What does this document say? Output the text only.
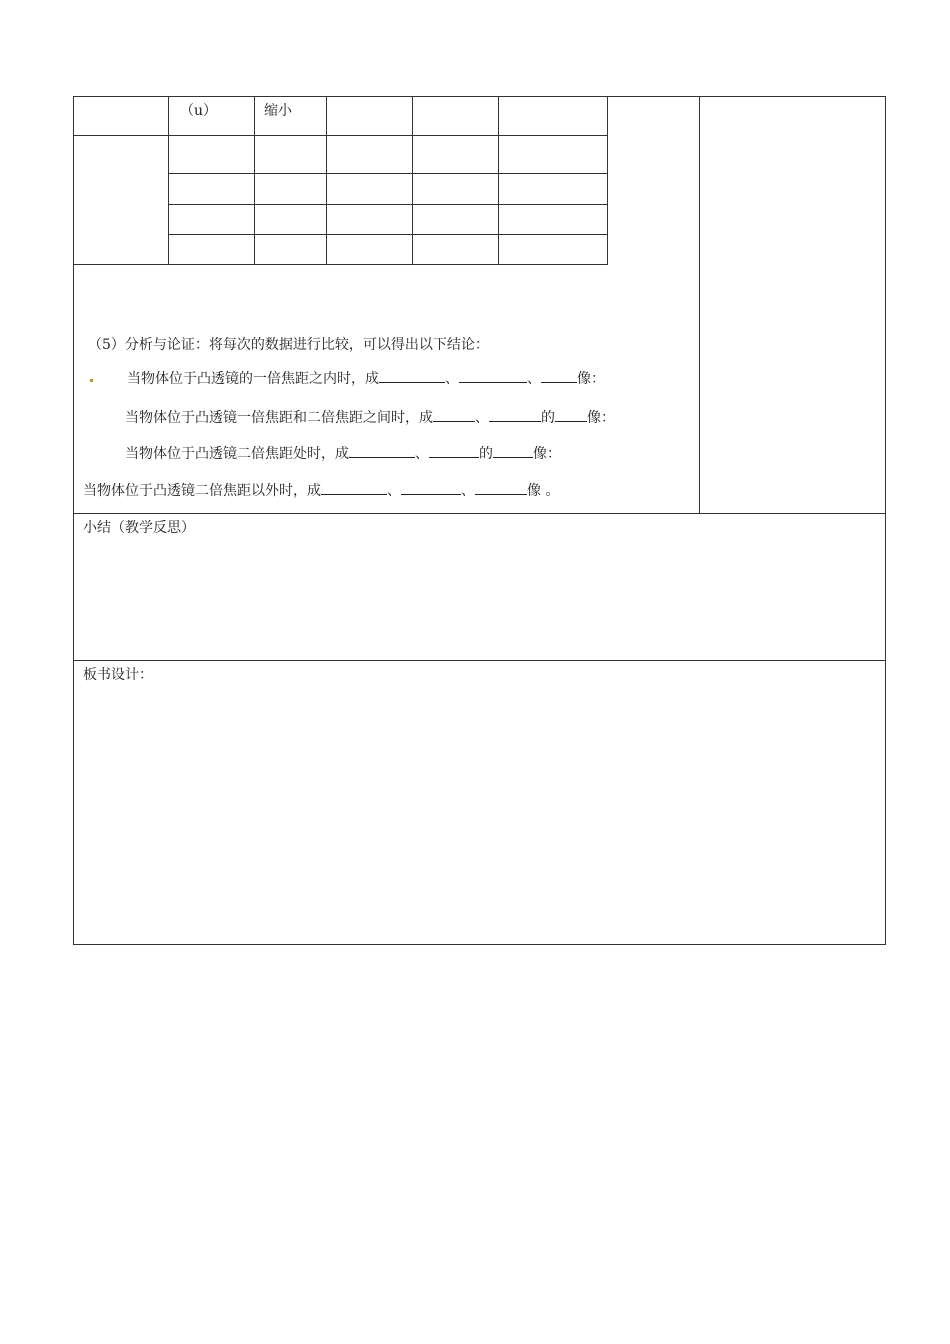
（u）	缩小
（5）分析与论证：将每次的数据进行比较，可以得出以下结论：
当物体位于凸透镜的一倍焦距之内时，成	、	、	像：
当物体位于凸透镜一倍焦距和二倍焦距之间时，成	、	的 像：
当物体位于凸透镜二倍焦距处时，成	、	的	像：
当物体位于凸透镜二倍焦距以外时，成	、	、	像 。
小结（教学反思）
板书设计：
